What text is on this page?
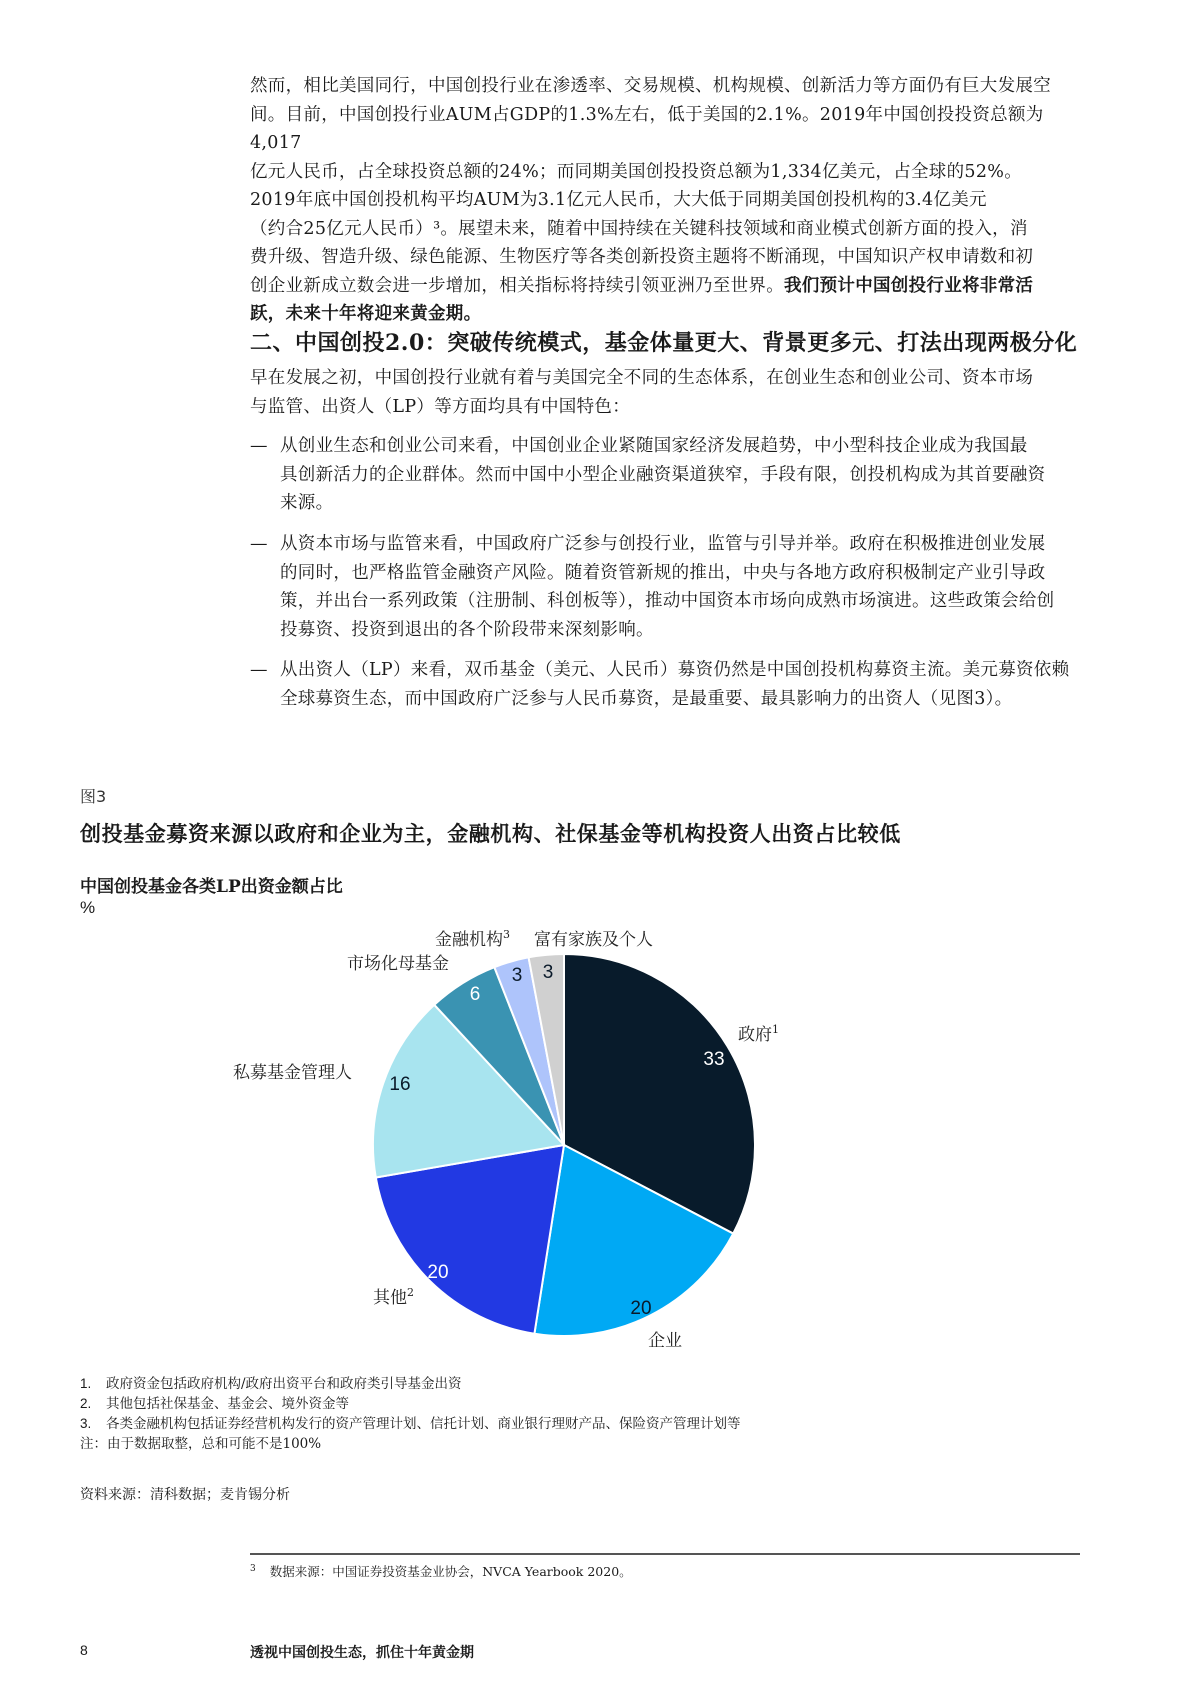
然而，相比美国同行，中国创投行业在渗透率、交易规模、机构规模、创新活力等方面仍有巨大发展空
间。目前，中国创投行业AUM占GDP的1.3%左右，低于美国的2.1%。2019年中国创投投资总额为4,017
亿元人民币，占全球投资总额的24%；而同期美国创投投资总额为1,334亿美元，占全球的52%。
2019年底中国创投机构平均AUM为3.1亿元人民币，大大低于同期美国创投机构的3.4亿美元
（约合25亿元人民币）³。展望未来，随着中国持续在关键科技领域和商业模式创新方面的投入，消
费升级、智造升级、绿色能源、生物医疗等各类创新投资主题将不断涌现，中国知识产权申请数和初
创企业新成立数会进一步增加，相关指标将持续引领亚洲乃至世界。我们预计中国创投行业将非常活
跃，未来十年将迎来黄金期。
二、中国创投2.0：突破传统模式，基金体量更大、背景更多元、打法出现两极分化
早在发展之初，中国创投行业就有着与美国完全不同的生态体系，在创业生态和创业公司、资本市场
与监管、出资人（LP）等方面均具有中国特色：
— 从创业生态和创业公司来看，中国创业企业紧随国家经济发展趋势，中小型科技企业成为我国最
具创新活力的企业群体。然而中国中小型企业融资渠道狭窄，手段有限，创投机构成为其首要融资
来源。
— 从资本市场与监管来看，中国政府广泛参与创投行业，监管与引导并举。政府在积极推进创业发展
的同时，也严格监管金融资产风险。随着资管新规的推出，中央与各地方政府积极制定产业引导政
策，并出台一系列政策（注册制、科创板等），推动中国资本市场向成熟市场演进。这些政策会给创
投募资、投资到退出的各个阶段带来深刻影响。
— 从出资人（LP）来看，双币基金（美元、人民币）募资仍然是中国创投机构募资主流。美元募资依赖
全球募资生态，而中国政府广泛参与人民币募资，是最重要、最具影响力的出资人（见图3）。
图3
创投基金募资来源以政府和企业为主，金融机构、社保基金等机构投资人出资占比较低
中国创投基金各类LP出资金额占比
%
33
20
20
16
6
3 3
政府$^1$
企业
其他$^2$
私募基金管理人
市场化母基金
金融机构$^3$ 富有家族及个人
1. 政府资金包括政府机构/政府出资平台和政府类引导基金出资
2. 其他包括社保基金、基金会、境外资金等
3. 各类金融机构包括证券经营机构发行的资产管理计划、信托计划、商业银行理财产品、保险资产管理计划等
注：由于数据取整，总和可能不是100%
资料来源：清科数据；麦肯锡分析
$^3$ 数据来源：中国证券投资基金业协会，NVCA Yearbook 2020。
8	透视中国创投生态，抓住十年黄金期
